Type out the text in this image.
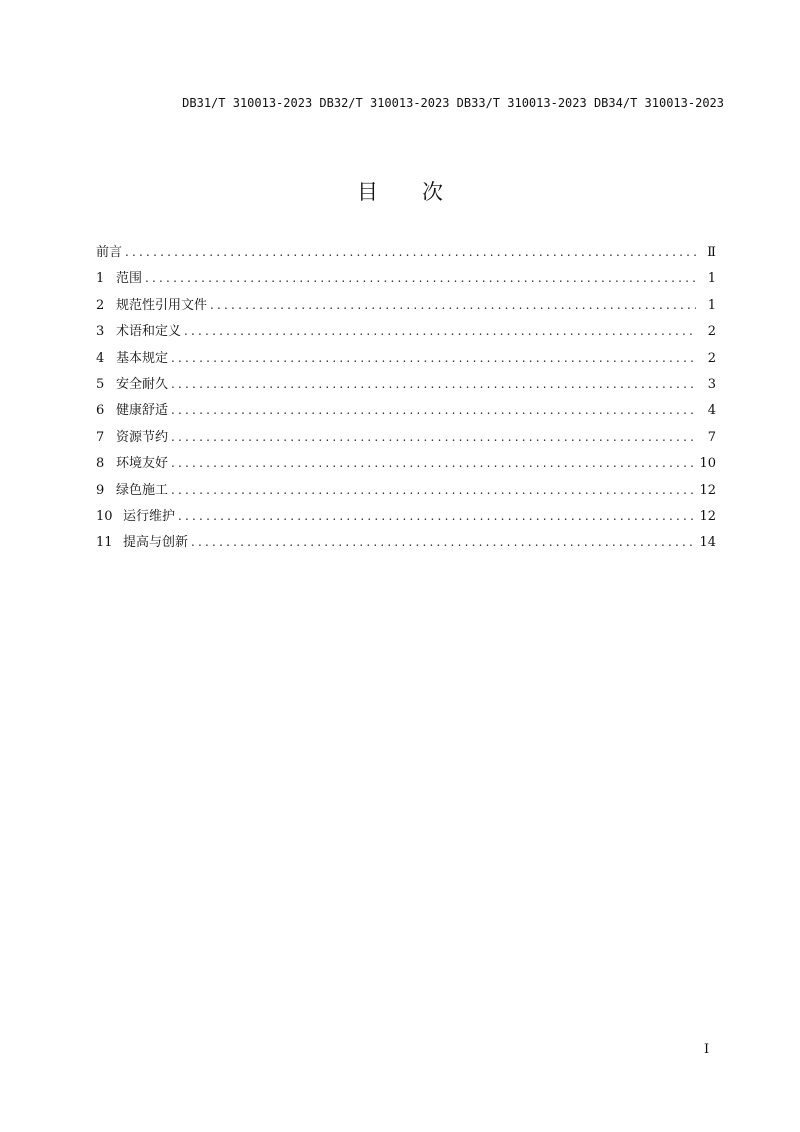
DB31/T 310013-2023 DB32/T 310013-2023 DB33/T 310013-2023 DB34/T 310013-2023
目次
前言 .....	Ⅱ
1 范围 .....	1
2 规范性引用文件 .....	1
3 术语和定义 .....	2
4 基本规定 .....	2
5 安全耐久 .....	3
6 健康舒适 .....	4
7 资源节约 .....	7
8 环境友好 .....	10
9 绿色施工 .....	12
10 运行维护 .....	12
11 提高与创新 .....	14
I
